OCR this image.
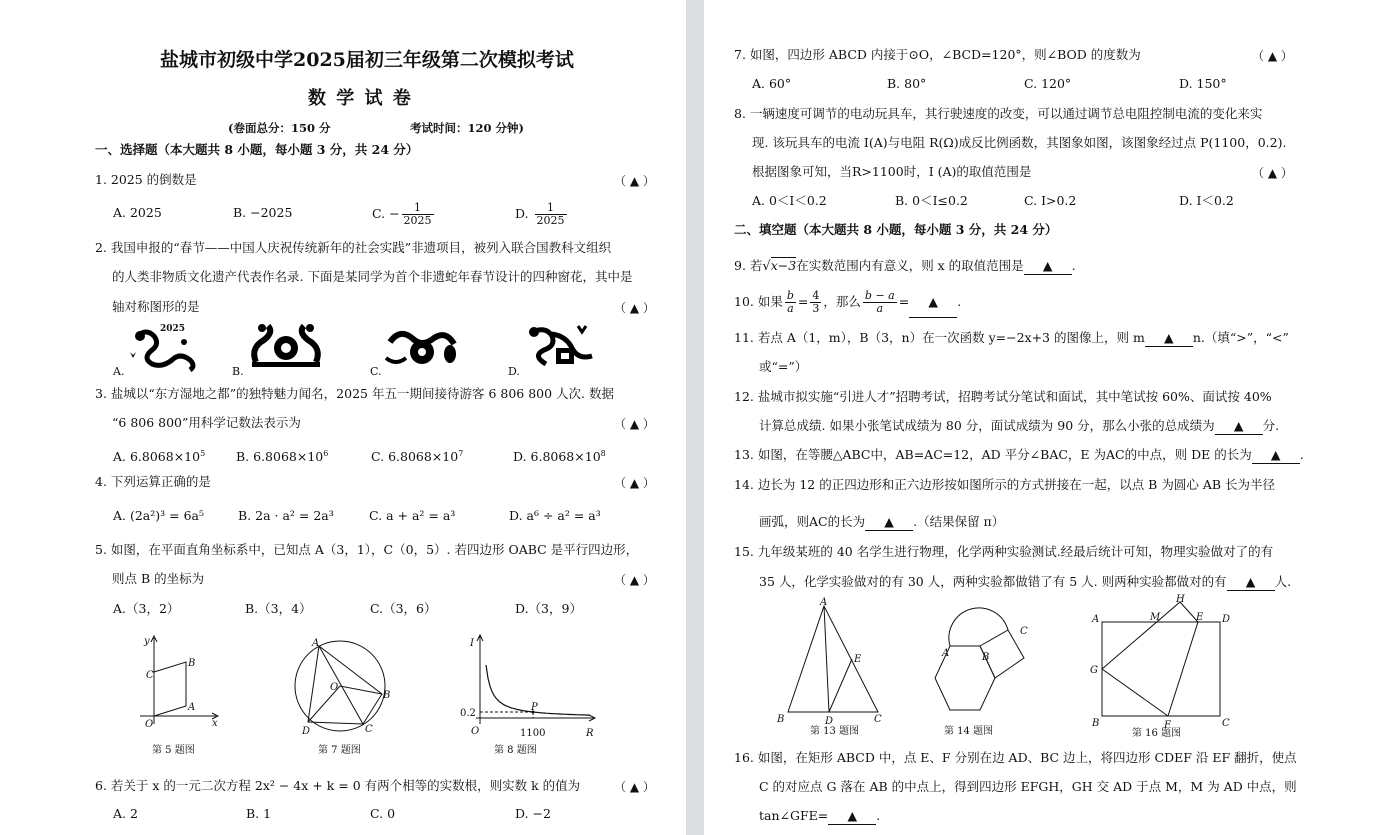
盐城市初级中学2025届初三年级第二次模拟考试
数 学 试 卷
(卷面总分：150 分	考试时间：120 分钟)
一、选择题（本大题共 8 小题，每小题 3 分，共 24 分）
1. 2025 的倒数是	（ ▲ ）
A. 2025	B. −2025	C. − $\frac{1}{2025}$	D. $\frac{1}{2025}$
2. 我国申报的“春节——中国人庆祝传统新年的社会实践”非遗项目，被列入联合国教科文组织
的人类非物质文化遗产代表作名录. 下面是某同学为首个非遗蛇年春节设计的四种窗花，其中是
轴对称图形的是	（ ▲ ）
A.	B.	C.	D.
2025
3. 盐城以“东方湿地之都”的独特魅力闻名，2025 年五一期间接待游客 6 806 800 人次. 数据
“6 806 800”用科学记数法表示为	（ ▲ ）
A. $6.8068\times 10^5$ B. $6.8068\times 10^6$	C. $6.8068\times 10^7$	D. $6.8068\times 10^8$
4. 下列运算正确的是	（ ▲ ）
A. (2a²)³ = 6a⁵	B. 2a · a² = 2a³	C. a + a² = a³	D. a⁶ ÷ a² = a³
5. 如图，在平面直角坐标系中，已知点 A（3，1），C（0，5）. 若四边形 OABC 是平行四边形，
则点 B 的坐标为	（ ▲ ）
A.（3，2）	B.（3，4）	C.（3，6）	D.（3，9）
y
x
O
A
B
C
第 5 题图
A
B
C
D
O
第 7 题图
I
R
O
P
0.2
1100
第 8 题图
6. 若关于 x 的一元二次方程 2x² − 4x + k = 0 有两个相等的实数根，则实数 k 的值为	（ ▲ ）
A. 2	B. 1	C. 0	D. −2
7. 如图，四边形 ABCD 内接于⊙O，∠BCD=120°，则∠BOD 的度数为	（ ▲ ）
A. 60°	B. 80°	C. 120°	D. 150°
8. 一辆速度可调节的电动玩具车，其行驶速度的改变，可以通过调节总电阻控制电流的变化来实
现. 该玩具车的电流 I(A)与电阻 R(Ω)成反比例函数，其图象如图，该图象经过点 P(1100，0.2).
根据图象可知，当R>1100时，I (A)的取值范围是	（ ▲ ）
A. 0＜I＜0.2	B. 0＜I≤0.2	C. I>0.2	D. I＜0.2
二、填空题（本大题共 8 小题，每小题 3 分，共 24 分）
9. 若√x−3在实数范围内有意义，则 x 的取值范围是 ▲ .
10. 如果 $\frac{b}{a} = \frac{4}{3}$ ，那么 $\frac{b - a}{a}$ = ▲ .
11. 若点 A（1，m），B（3，n）在一次函数 y=−2x+3 的图像上，则 m ▲ n.（填“>”，“<”
或“=”）
12. 盐城市拟实施“引进人才”招聘考试，招聘考试分笔试和面试，其中笔试按 60%、面试按 40%
计算总成绩. 如果小张笔试成绩为 80 分，面试成绩为 90 分，那么小张的总成绩为 ▲ 分.
13. 如图，在等腰△ABC中，AB=AC=12，AD 平分∠BAC，E 为AC的中点，则 DE 的长为 ▲ .
14. 边长为 12 的正四边形和正六边形按如图所示的方式拼接在一起，以点 B 为圆心 AB 长为半径
画弧，则AC的长为 ▲ .（结果保留 π）
15. 九年级某班的 40 名学生进行物理，化学两种实验测试.经最后统计可知，物理实验做对了的有
35 人，化学实验做对的有 30 人，两种实验都做错了有 5 人. 则两种实验都做对的有 ▲ 人.
A
B	C
D
E
第 13 题图
A	B
C
第 14 题图
A
B	C
D
E
F
G
H
M
第 16 题图
16. 如图，在矩形 ABCD 中，点 E、F 分别在边 AD、BC 边上，将四边形 CDEF 沿 EF 翻折，使点
C 的对应点 G 落在 AB 的中点上，得到四边形 EFGH，GH 交 AD 于点 M，M 为 AD 中点，则
tan∠GFE= ▲ .
